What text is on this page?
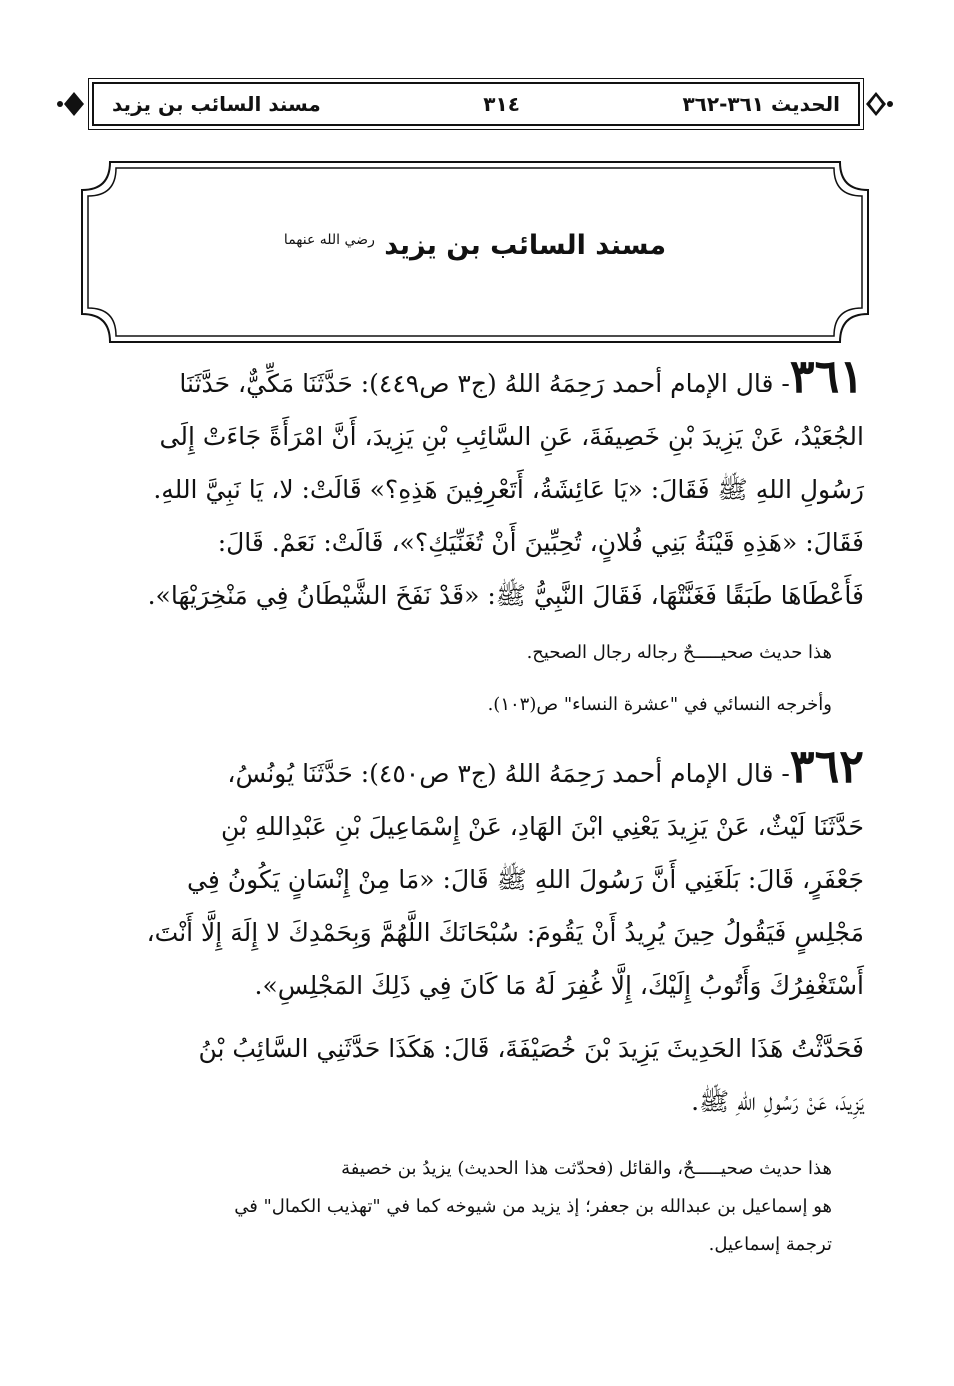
مسند السائب بن يزيد	٣١٤	الحديث ٣٦١-٣٦٢
مسند السائب بن يزيد $^{رضي الله عنهما}$
٣٦١- قال الإمام أحمد رَحِمَهُ اللهُ (ج٣ ص٤٤٩): حَدَّثَنَا مَكِّيٌّ، حَدَّثَنَا
الجُعَيْدُ، عَنْ يَزِيدَ بْنِ خَصِيفَةَ، عَنِ السَّائِبِ بْنِ يَزِيدَ، أَنَّ امْرَأَةً جَاءَتْ إِلَى
رَسُولِ اللهِ ﷺ فَقَالَ: «يَا عَائِشَةُ، أَتَعْرِفِينَ هَذِهِ؟» قَالَتْ: لا، يَا نَبِيَّ اللهِ.
فَقَالَ: «هَذِهِ قَيْنَةُ بَنِي فُلانٍ، تُحِبِّينَ أَنْ تُغَنِّيَكِ؟»، قَالَتْ: نَعَمْ. قَالَ:
فَأَعْطَاهَا طَبَقًا فَغَنَّتْهَا، فَقَالَ النَّبِيُّ ﷺ: «قَدْ نَفَخَ الشَّيْطَانُ فِي مَنْخِرَيْهَا».
هذا حديث صحيـــــحٌ رجاله رجال الصحيح.
وأخرجه النسائي في "عشرة النساء" ص(١٠٣).
٣٦٢- قال الإمام أحمد رَحِمَهُ اللهُ (ج٣ ص٤٥٠): حَدَّثَنَا يُونُسُ،
حَدَّثَنَا لَيْثٌ، عَنْ يَزِيدَ يَعْنِي ابْنَ الهَادِ، عَنْ إِسْمَاعِيلَ بْنِ عَبْدِاللهِ بْنِ
جَعْفَرٍ، قَالَ: بَلَغَنِي أَنَّ رَسُولَ اللهِ ﷺ قَالَ: «مَا مِنْ إِنْسَانٍ يَكُونُ فِي
مَجْلِسٍ فَيَقُولُ حِينَ يُرِيدُ أَنْ يَقُومَ: سُبْحَانَكَ اللَّهُمَّ وَبِحَمْدِكَ لا إِلَهَ إِلَّا أَنْتَ،
أَسْتَغْفِرُكَ وَأَتُوبُ إِلَيْكَ، إِلَّا غُفِرَ لَهُ مَا كَانَ فِي ذَلِكَ المَجْلِسِ».
فَحَدَّثْتُ هَذَا الحَدِيثَ يَزِيدَ بْنَ خُصَيْفَةَ، قَالَ: هَكَذَا حَدَّثَنِي السَّائِبُ بْنُ
يَزِيدَ، عَنْ رَسُولِ اللهِ ﷺ.
هذا حديث صحيـــــحٌ، والقائل (فحدّثت هذا الحديث) يزيدُ بن خصيفة
هو إسماعيل بن عبدالله بن جعفر؛ إذ يزيد من شيوخه كما في "تهذيب الكمال" في
ترجمة إسماعيل.
